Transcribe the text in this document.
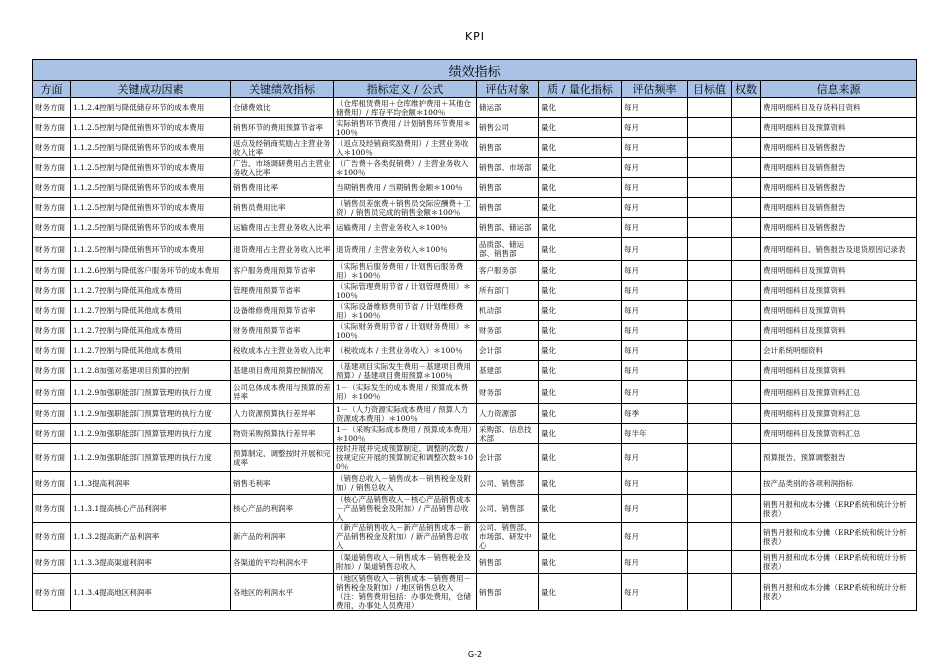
KPI
绩效指标									
方面	关键成功因素	关键绩效指标	指标定义 / 公式	评估对象	质 / 量化指标	评估频率	目标值	权数	信息来源
财务方面	1.1.2.4控制与降低储存环节的成本费用	仓储费效比	（仓库租赁费用＋仓库维护费用＋其他仓储费用）/ 库存平均余额＊100％	储运部	量化	每月			费用明细科目及存货科目资料
财务方面	1.1.2.5控制与降低销售环节的成本费用	销售环节的费用预算节省率	实际销售环节费用 / 计划销售环节费用＊100％	销售公司	量化	每月			费用明细科目及预算资料
财务方面	1.1.2.5控制与降低销售环节的成本费用	返点及经销商奖励占主营业务收入比率	（返点及经销商奖励费用）/ 主营业务收入＊100％	销售部	量化	每月			费用明细科目及销售报告
财务方面	1.1.2.5控制与降低销售环节的成本费用	广告、市场调研费用占主营业务收入比率	（广告费＋各类促销费）/ 主营业务收入＊100％	销售部、市场部	量化	每月			费用明细科目及销售报告
财务方面	1.1.2.5控制与降低销售环节的成本费用	销售费用比率	当期销售费用 / 当期销售金额＊100％	销售部	量化	每月			费用明细科目及销售报告
财务方面	1.1.2.5控制与降低销售环节的成本费用	销售员费用比率	（销售员差旅费＋销售员交际应酬费＋工资）/ 销售员完成的销售金额＊100％	销售部	量化	每月			费用明细科目及销售报告
财务方面	1.1.2.5控制与降低销售环节的成本费用	运输费用占主营业务收入比率	运输费用 / 主营业务收入＊100％	销售部、储运部	量化	每月			费用明细科目及销售报告
财务方面	1.1.2.5控制与降低销售环节的成本费用	退货费用占主营业务收入比率	退货费用 / 主营业务收入＊100％	品质部、储运部、销售部	量化	每月			费用明细科目、销售报告及退货原因记录表
财务方面	1.1.2.6控制与降低客户服务环节的成本费用	客户服务费用预算节省率	（实际售后服务费用 / 计划售后服务费用）＊100％	客户服务部	量化	每月			费用明细科目及预算资料
财务方面	1.1.2.7控制与降低其他成本费用	管理费用预算节省率	（实际管理费用节省 / 计划管理费用）＊100％	所有部门	量化	每月			费用明细科目及预算资料
财务方面	1.1.2.7控制与降低其他成本费用	设备维修费用预算节省率	（实际设备维修费用节省 / 计划维修费用）＊100％	机动部	量化	每月			费用明细科目及预算资料
财务方面	1.1.2.7控制与降低其他成本费用	财务费用预算节省率	（实际财务费用节省 / 计划财务费用）＊100％	财务部	量化	每月			费用明细科目及预算资料
财务方面	1.1.2.7控制与降低其他成本费用	税收成本占主营业务收入比率	（税收成本 / 主营业务收入）＊100％	会计部	量化	每月			会计系统明细资料
财务方面	1.1.2.8加强对基建项目预算的控制	基建项目费用预算控制情况	（基建项目实际发生费用－基建项目费用预算）/ 基建项目费用预算＊100％	基建部	量化	每月			费用明细科目及预算资料
财务方面	1.1.2.9加强职能部门预算管理的执行力度	公司总体成本费用与预算的差异率	1－（实际发生的成本费用 / 预算成本费用）＊100％	财务部	量化	每月			费用明细科目及预算资料汇总
财务方面	1.1.2.9加强职能部门预算管理的执行力度	人力资源预算执行差异率	1－（人力资源实际成本费用 / 预算人力资源成本费用）＊100％	人力资源部	量化	每季			费用明细科目及预算资料汇总
财务方面	1.1.2.9加强职能部门预算管理的执行力度	物资采购预算执行差异率	1－（采购实际成本费用 / 预算成本费用）＊100％	采购部、信息技术部	量化	每半年			费用明细科目及预算资料汇总
财务方面	1.1.2.9加强职能部门预算管理的执行力度	预算制定、调整按时开展和完成率	按时开展并完成预算制定、调整的次数 / 按规定应开展的预算制定和调整次数＊100％	会计部	量化	每月			预算报告、预算调整报告
财务方面	1.1.3提高利润率	销售毛利率	（销售总收入－销售成本－销售税金及附加）/ 销售总收入	公司、销售部	量化	每月			按产品类别的各项利润指标
财务方面	1.1.3.1提高核心产品利润率	核心产品的利润率	（核心产品销售收入－核心产品销售成本－产品销售税金及附加）/ 产品销售总收入	公司、销售部	量化	每月			销售月报和成本分摊（ERP系统和统计分析报表）
财务方面	1.1.3.2提高新产品利润率	新产品的利润率	（新产品销售收入－新产品销售成本－新产品销售税金及附加）/ 新产品销售总收入	公司、销售部、市场部、研发中心	量化	每月			销售月报和成本分摊（ERP系统和统计分析报表）
财务方面	1.1.3.3提高渠道利润率	各渠道的平均利润水平	（渠道销售收入－销售成本－销售税金及附加）/ 渠道销售总收入	销售部	量化	每月			销售月报和成本分摊（ERP系统和统计分析报表）
财务方面	1.1.3.4提高地区利润率	各地区的利润水平	（地区销售收入－销售成本－销售费用－销售税金及附加）/ 地区销售总收入 （注：销售费用包括：办事处费用，仓储费用，办事处人员费用）	销售部	量化	每月			销售月报和成本分摊（ERP系统和统计分析报表）
G-2
